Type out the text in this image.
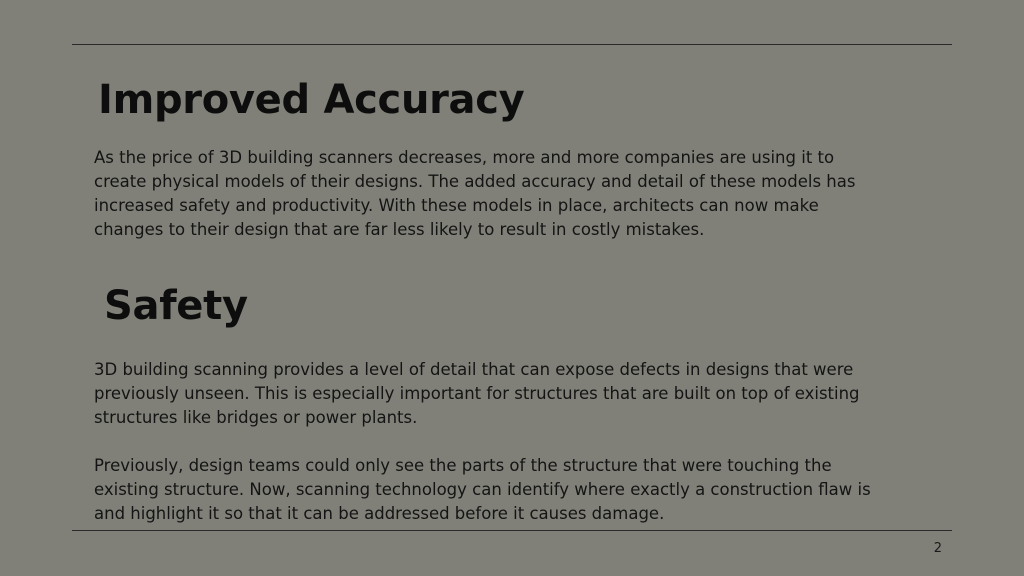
Improved Accuracy

As the price of 3D building scanners decreases, more and more companies are using it to
create physical models of their designs. The added accuracy and detail of these models has
increased safety and productivity. With these models in place, architects can now make
changes to their design that are far less likely to result in costly mistakes.

Safety

3D building scanning provides a level of detail that can expose defects in designs that were
previously unseen. This is especially important for structures that are built on top of existing
structures like bridges or power plants.

Previously, design teams could only see the parts of the structure that were touching the
existing structure. Now, scanning technology can identify where exactly a construction flaw is
and highlight it so that it can be addressed before it causes damage.

2
